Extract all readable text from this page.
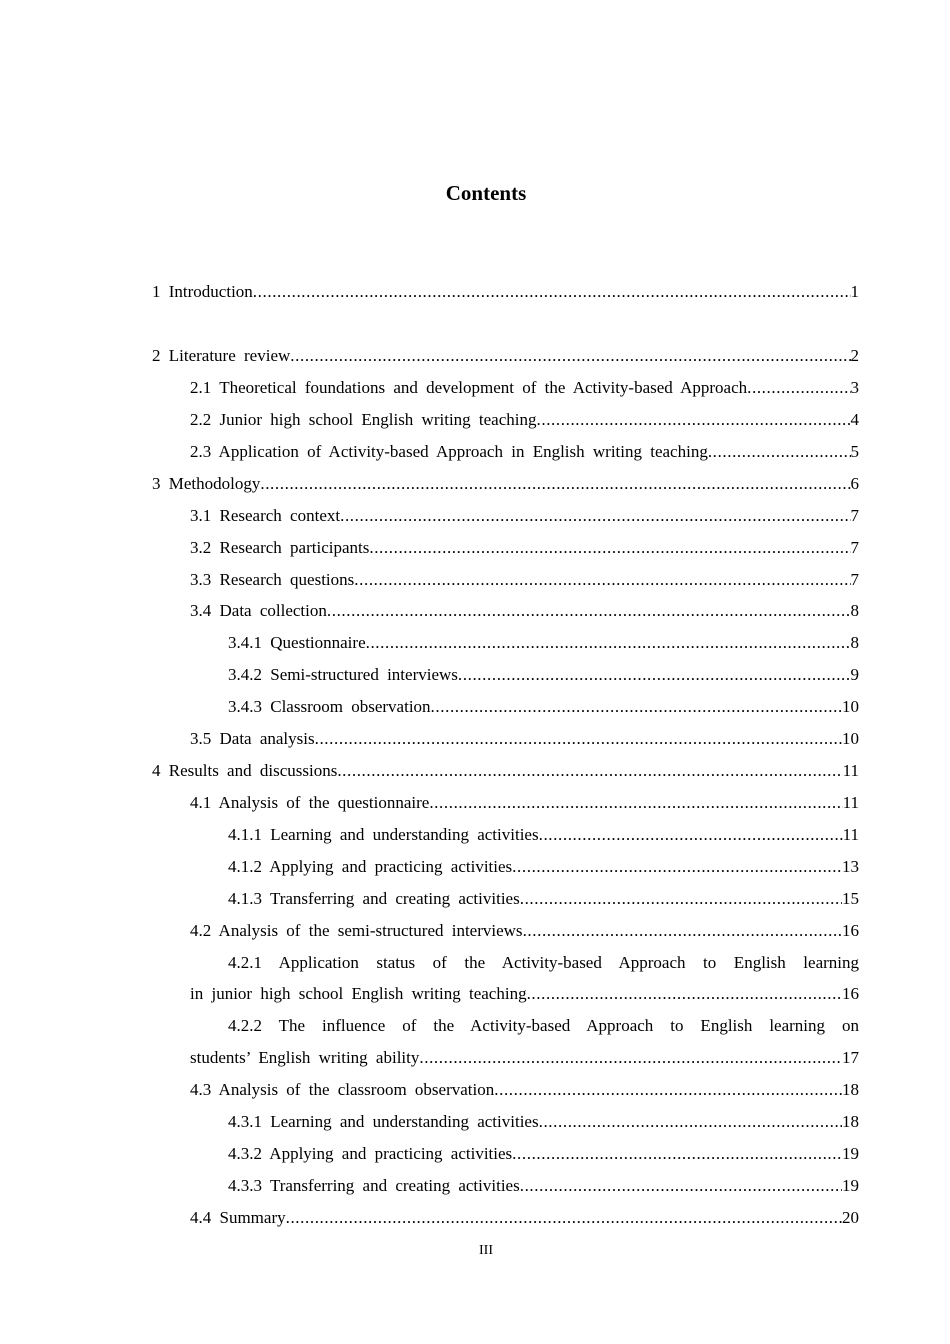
Contents
1 Introduction .....	1
2 Literature review .....	2
2.1 Theoretical foundations and development of the Activity-based Approach .....	3
2.2 Junior high school English writing teaching .....	4
2.3 Application of Activity-based Approach in English writing teaching .....	5
3 Methodology .....	6
3.1 Research context .....	7
3.2 Research participants .....	7
3.3 Research questions .....	7
3.4 Data collection .....	8
3.4.1 Questionnaire .....	8
3.4.2 Semi-structured interviews .....	9
3.4.3 Classroom observation .....	10
3.5 Data analysis .....	10
4 Results and discussions .....	11
4.1 Analysis of the questionnaire .....	11
4.1.1 Learning and understanding activities .....	11
4.1.2 Applying and practicing activities .....	13
4.1.3 Transferring and creating activities .....	15
4.2 Analysis of the semi-structured interviews .....	16
4.2.1 Application status of the Activity-based Approach to English learning
in junior high school English writing teaching .....	16
4.2.2 The influence of the Activity-based Approach to English learning on
students’ English writing ability .....	17
4.3 Analysis of the classroom observation .....	18
4.3.1 Learning and understanding activities .....	18
4.3.2 Applying and practicing activities .....	19
4.3.3 Transferring and creating activities .....	19
4.4 Summary .....	20
III
